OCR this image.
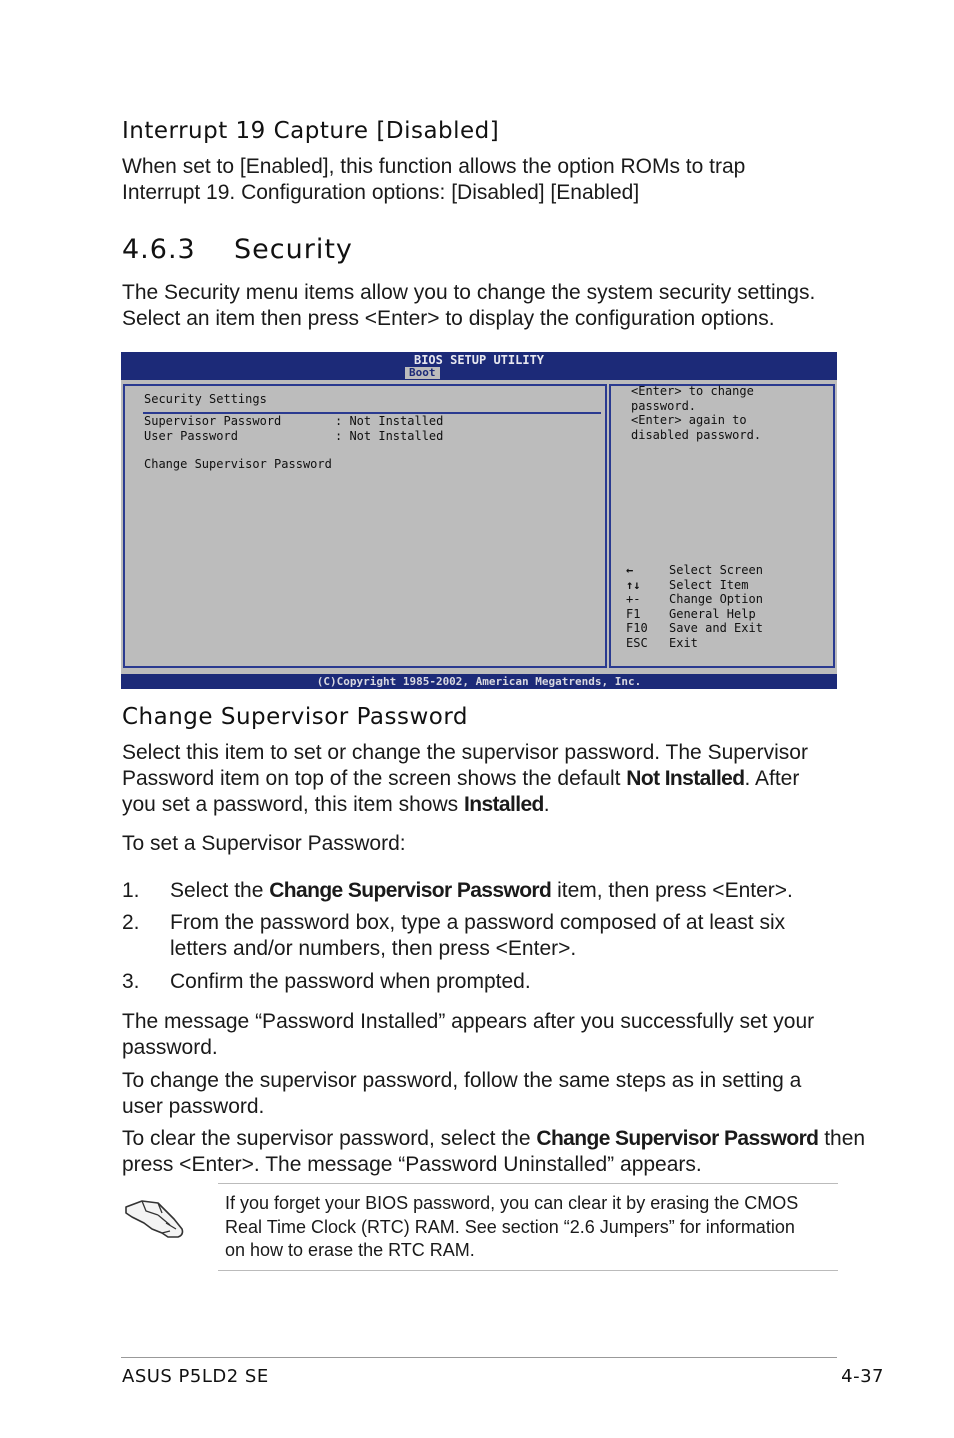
Interrupt 19 Capture [Disabled]

When set to [Enabled], this function allows the option ROMs to trap

Interrupt 19. Configuration options: [Disabled] [Enabled]

4.6.3    Security

The Security menu items allow you to change the system security settings.

Select an item then press <Enter> to display the configuration options.

BIOS SETUP UTILITY
Boot
Security Settings
Supervisor Password	: Not Installed
User Password	: Not Installed
Change Supervisor Password
<Enter> to change
password.
<Enter> again to
disabled password.
←	Select Screen
↑↓ Select Item
+- Change Option
F1 General Help
F10 Save and Exit
ESC Exit
(C)Copyright 1985-2002, American Megatrends, Inc.
Change Supervisor Password

Select this item to set or change the supervisor password. The Supervisor

Password item on top of the screen shows the default Not Installed. After

you set a password, this item shows Installed.

To set a Supervisor Password:
1. Select the Change Supervisor Password item, then press <Enter>.
2. From the password box, type a password composed of at least six
letters and/or numbers, then press <Enter>.
3. Confirm the password when prompted.

The message “Password Installed” appears after you successfully set your

password.

To change the supervisor password, follow the same steps as in setting a

user password.

To clear the supervisor password, select the Change Supervisor Password then

press <Enter>. The message “Password Uninstalled” appears.

If you forget your BIOS password, you can clear it by erasing the CMOS
Real Time Clock (RTC) RAM. See section “2.6 Jumpers” for information
on how to erase the RTC RAM.
ASUS P5LD2 SE	4-37
